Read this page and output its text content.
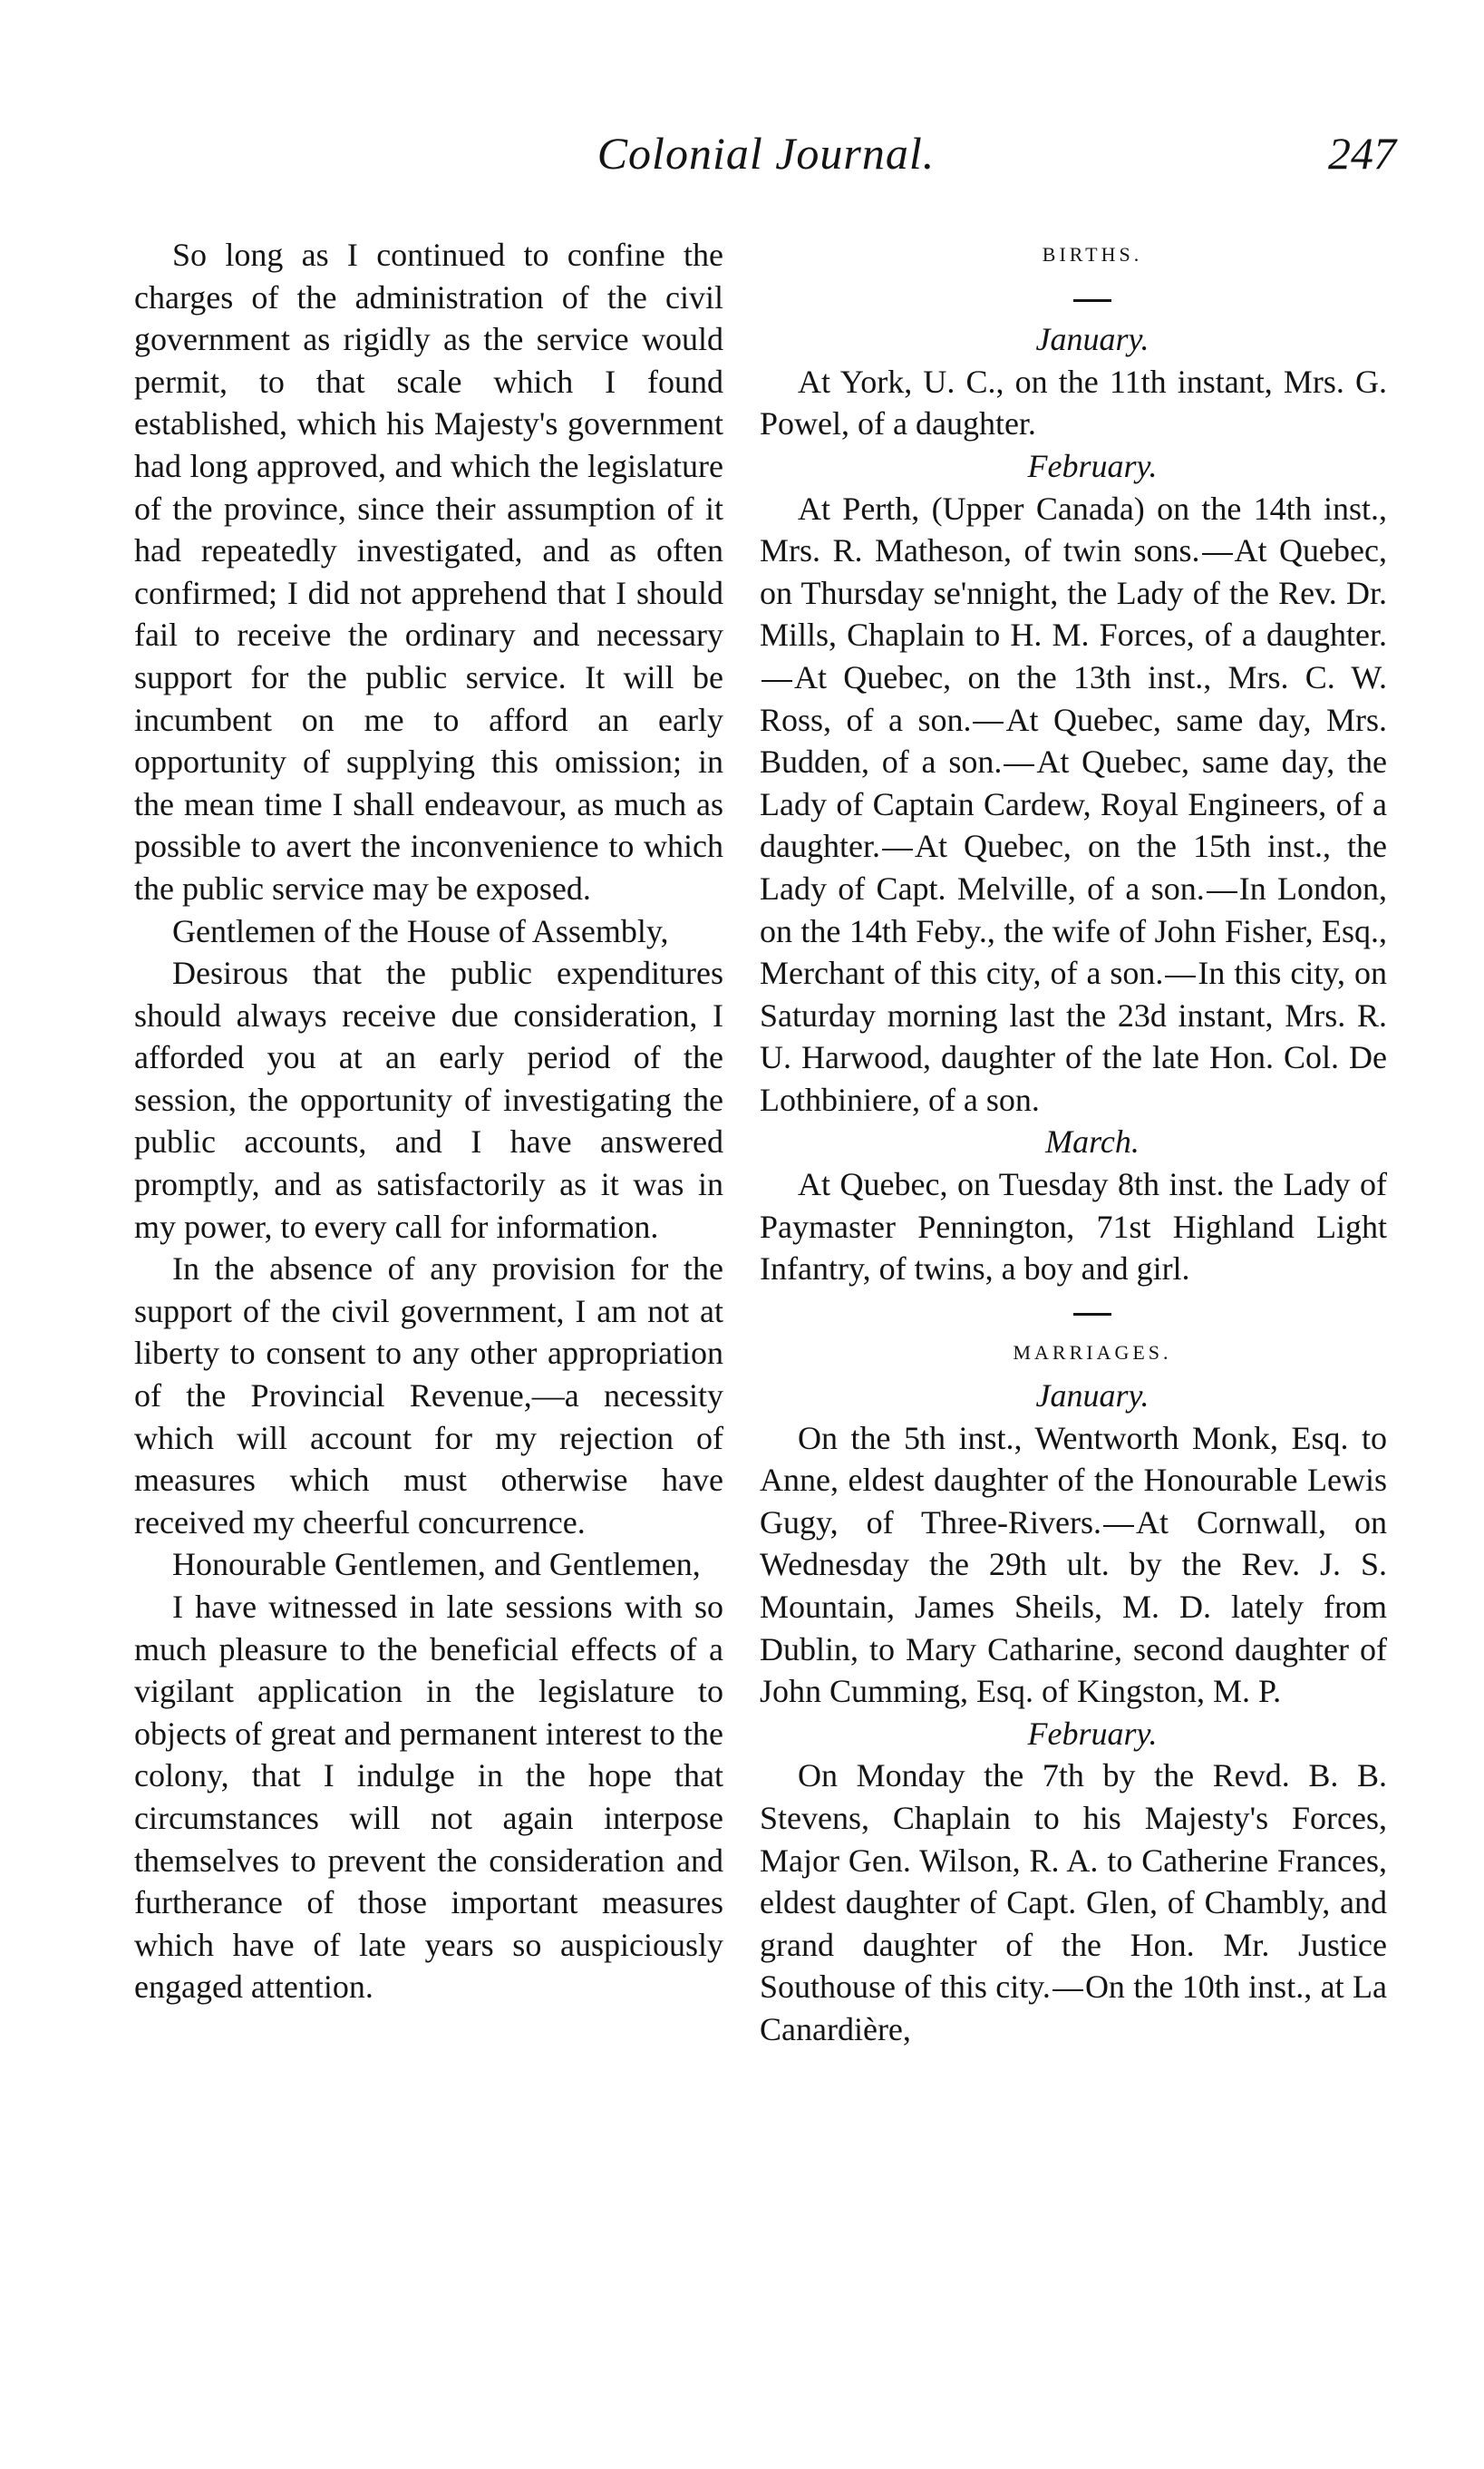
Colonial Journal.	247

So long as I continued to confine the charges of the administration of the civil government as rigidly as the service would permit, to that scale which I found established, which his Majesty's government had long approved, and which the legislature of the province, since their assumption of it had repeatedly investigated, and as often confirmed; I did not apprehend that I should fail to receive the ordinary and necessary support for the public service. It will be incumbent on me to afford an early opportunity of supplying this omission; in the mean time I shall endeavour, as much as possible to avert the inconvenience to which the public service may be exposed.

Gentlemen of the House of Assembly,

Desirous that the public expenditures should always receive due consideration, I afforded you at an early period of the session, the opportunity of investigating the public accounts, and I have answered promptly, and as satisfactorily as it was in my power, to every call for information.

In the absence of any provision for the support of the civil government, I am not at liberty to consent to any other appropriation of the Provincial Revenue,—a necessity which will account for my rejection of measures which must otherwise have received my cheerful concurrence.

Honourable Gentlemen, and Gentlemen,

I have witnessed in late sessions with so much pleasure to the beneficial effects of a vigilant application in the legislature to objects of great and permanent interest to the colony, that I indulge in the hope that circumstances will not again interpose themselves to prevent the consideration and furtherance of those important measures which have of late years so auspiciously engaged attention.

BIRTHS.

January.

At York, U. C., on the 11th instant, Mrs. G. Powel, of a daughter.

February.

At Perth, (Upper Canada) on the 14th inst., Mrs. R. Matheson, of twin sons. At Quebec, on Thursday se'nnight, the Lady of the Rev. Dr. Mills, Chaplain to H. M. Forces, of a daughter.At Quebec, on the 13th inst., Mrs. C. W. Ross, of a son. At Quebec, same day, Mrs. Budden, of a son. At Quebec, same day, the Lady of Captain Cardew, Royal Engineers, of a daughter. At Quebec, on the 15th inst., the Lady of Capt. Melville, of a son. In London, on the 14th Feby., the wife of John Fisher, Esq., Merchant of this city, of a son. In this city, on Saturday morning last the 23d instant, Mrs. R. U. Harwood, daughter of the late Hon. Col. De Lothbiniere, of a son.

March.

At Quebec, on Tuesday 8th inst. the Lady of Paymaster Pennington, 71st Highland Light Infantry, of twins, a boy and girl.

MARRIAGES.

January.

On the 5th inst., Wentworth Monk, Esq. to Anne, eldest daughter of the Honourable Lewis Gugy, of Three-Rivers. At Cornwall, on Wednesday the 29th ult. by the Rev. J. S. Mountain, James Sheils, M. D. lately from Dublin, to Mary Catharine, second daughter of John Cumming, Esq. of Kingston, M. P.

February.

On Monday the 7th by the Revd. B. B. Stevens, Chaplain to his Majesty's Forces, Major Gen. Wilson, R. A. to Catherine Frances, eldest daughter of Capt. Glen, of Chambly, and grand daughter of the Hon. Mr. Justice Southouse of this city. On the 10th inst., at La Canardière,
